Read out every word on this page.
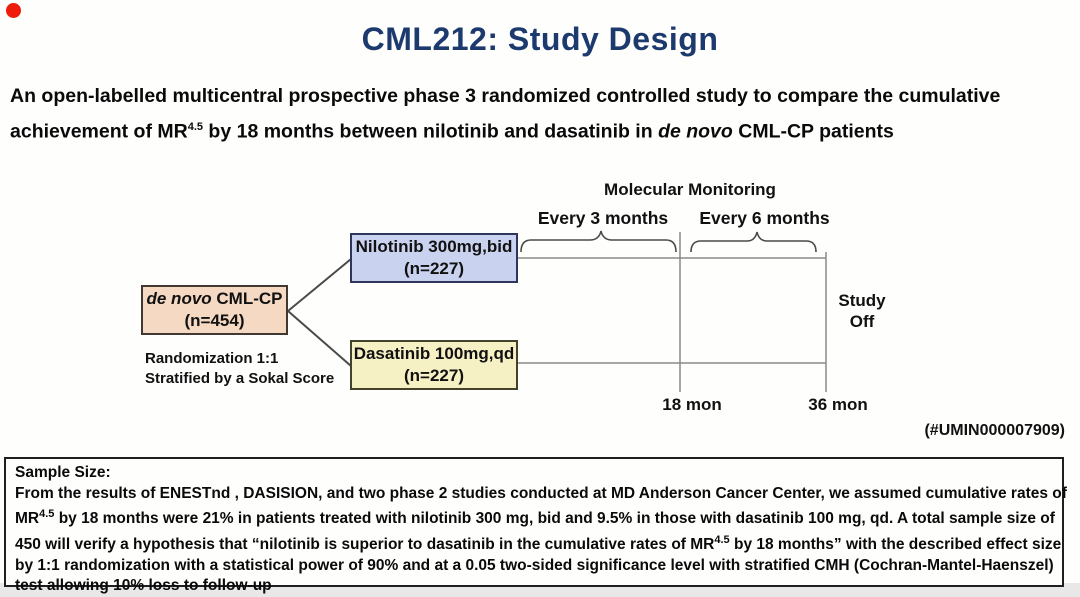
CML212: Study Design

An open-labelled multicentral prospective phase 3 randomized controlled study to compare the cumulative
achievement of $MR^{4.5}$ by 18 months between nilotinib and dasatinib in de novo CML-CP patients

Molecular Monitoring
Every 3 months	Every 6 months
Nilotinib 300mg,bid
(n=227)
de novo CML-CP
(n=454)
Dasatinib 100mg,qd
(n=227)
Randomization 1:1
Stratified by a Sokal Score
Study
Off
18 mon	36 mon
(#UMIN000007909)
Sample Size:
From the results of ENESTnd , DASISION, and two phase 2 studies conducted at MD Anderson Cancer Center, we assumed cumulative rates of
$MR^{4.5}$ by 18 months were 21% in patients treated with nilotinib 300 mg, bid and 9.5% in those with dasatinib 100 mg, qd. A total sample size of
450 will verify a hypothesis that “nilotinib is superior to dasatinib in the cumulative rates of $MR^{4.5}$ by 18 months” with the described effect size
by 1:1 randomization with a statistical power of 90% and at a 0.05 two-sided significance level with stratified CMH (Cochran-Mantel-Haenszel)
test allowing 10% loss to follow-up
